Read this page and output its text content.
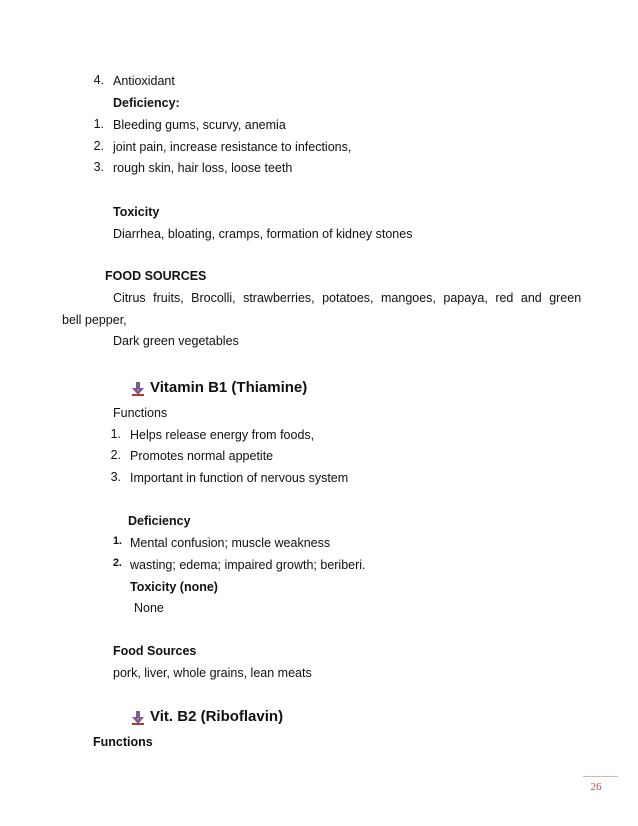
4. Antioxidant
Deficiency:
1. Bleeding gums, scurvy, anemia
2. joint pain, increase resistance to infections,
3. rough skin, hair loss, loose teeth
Toxicity
Diarrhea, bloating, cramps, formation of kidney stones
FOOD SOURCES
Citrus fruits, Brocolli, strawberries, potatoes, mangoes, papaya, red and green
bell pepper,
Dark green vegetables
Vitamin B1 (Thiamine)
Functions
1. Helps release energy from foods,
2. Promotes normal appetite
3. Important in function of nervous system
Deficiency
1. Mental confusion; muscle weakness
2. wasting; edema; impaired growth; beriberi.
Toxicity (none)
None
Food Sources
pork, liver, whole grains, lean meats
Vit. B2 (Riboflavin)
Functions
26
